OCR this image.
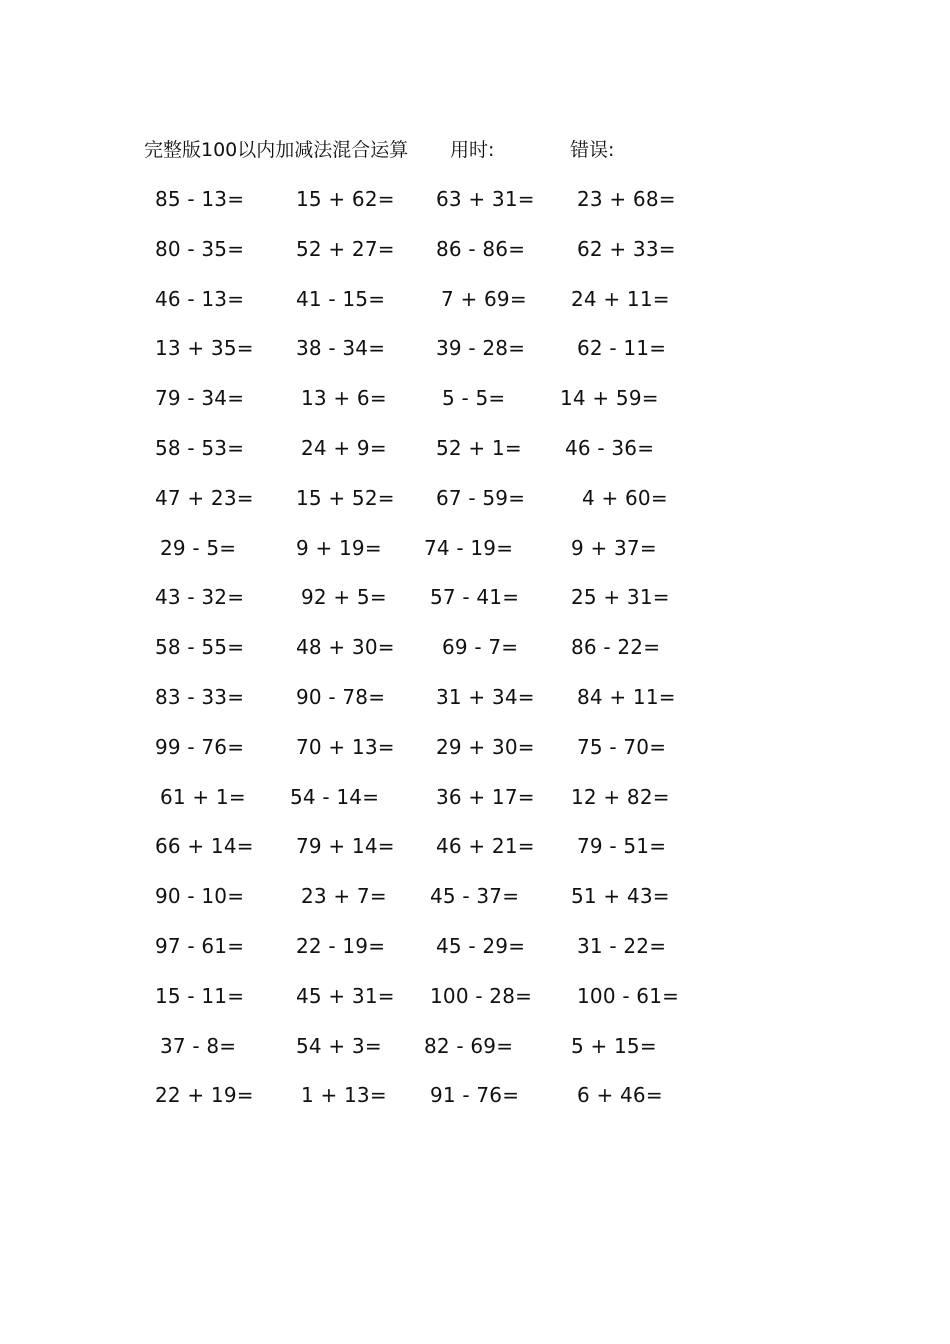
完整版100以内加减法混合运算 用时:	错误:
85 - 13=	15 + 62= 63 + 31= 23 + 68=
80 - 35=	52 + 27= 86 - 86=	62 + 33=
46 - 13=	41 - 15=	7 + 69= 24 + 11=
13 + 35= 38 - 34=	39 - 28=	62 - 11=
79 - 34=	13 + 6=	5 - 5=	14 + 59=
58 - 53=	24 + 9= 52 + 1= 46 - 36=
47 + 23= 15 + 52= 67 - 59=	4 + 60=
29 - 5=	9 + 19= 74 - 19=	9 + 37=
43 - 32=	92 + 5= 57 - 41=	25 + 31=
58 - 55=	48 + 30= 69 - 7=	86 - 22=
83 - 33=	90 - 78=	31 + 34= 84 + 11=
99 - 76=	70 + 13= 29 + 30= 75 - 70=
61 + 1= 54 - 14=	36 + 17= 12 + 82=
66 + 14= 79 + 14= 46 + 21= 79 - 51=
90 - 10=	23 + 7= 45 - 37=	51 + 43=
97 - 61=	22 - 19=	45 - 29=	31 - 22=
15 - 11=	45 + 31= 100 - 28= 100 - 61=
37 - 8=	54 + 3= 82 - 69=	5 + 15=
22 + 19= 1 + 13= 91 - 76=	6 + 46=
